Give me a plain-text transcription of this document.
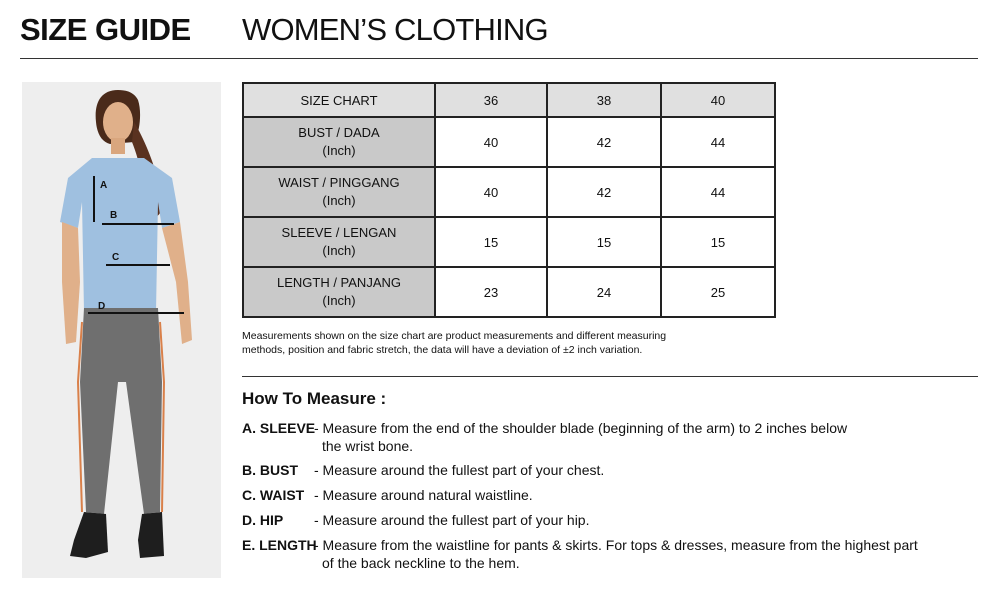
SIZE GUIDE WOMEN’S CLOTHING
A
B
C
D
SIZE CHART	36	38	40
BUST / DADA
(Inch)	40	42	44
WAIST / PINGGANG
(Inch)	40	42	44
SLEEVE / LENGAN
(Inch)	15	15	15
LENGTH / PANJANG
(Inch)	23	24	25
Measurements shown on the size chart are product measurements and different measuring
methods, position and fabric stretch, the data will have a deviation of ±2 inch variation.
How To Measure :
A. SLEEVE
- Measure from the end of the shoulder blade (beginning of the arm) to 2 inches below
the wrist bone.
B. BUST - Measure around the fullest part of your chest.
C. WAIST - Measure around natural waistline.
D. HIP - Measure around the fullest part of your hip.
E. LENGTH
- Measure from the waistline for pants & skirts. For tops & dresses, measure from the highest part
of the back neckline to the hem.
